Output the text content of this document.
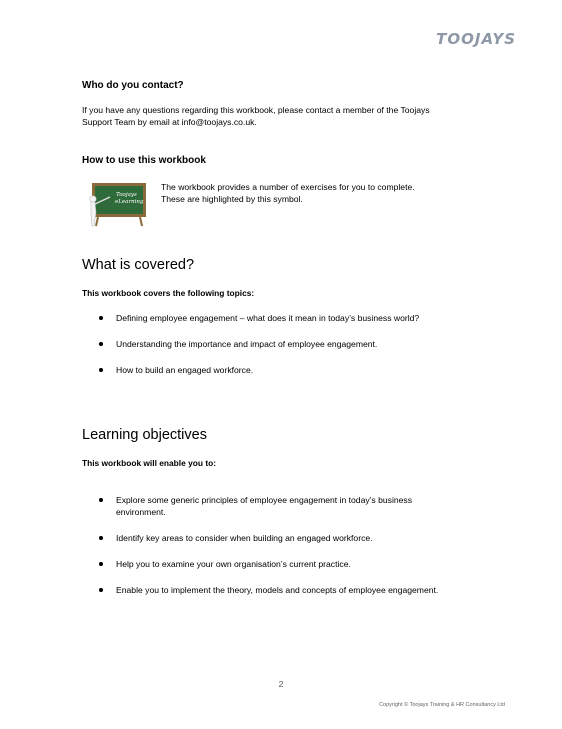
TOOJAYS
Who do you contact?
If you have any questions regarding this workbook, please contact a member of the Toojays
Support Team by email at info@toojays.co.uk.
How to use this workbook
Toojays
eLearning
The workbook provides a number of exercises for you to complete.
These are highlighted by this symbol.
What is covered?
This workbook covers the following topics:
Defining employee engagement – what does it mean in today’s business world?
Understanding the importance and impact of employee engagement.
How to build an engaged workforce.
Learning objectives
This workbook will enable you to:
Explore some generic principles of employee engagement in today’s business
environment.
Identify key areas to consider when building an engaged workforce.
Help you to examine your own organisation’s current practice.
Enable you to implement the theory, models and concepts of employee engagement.
2
Copyright © Toojays Training & HR Consultancy Ltd
